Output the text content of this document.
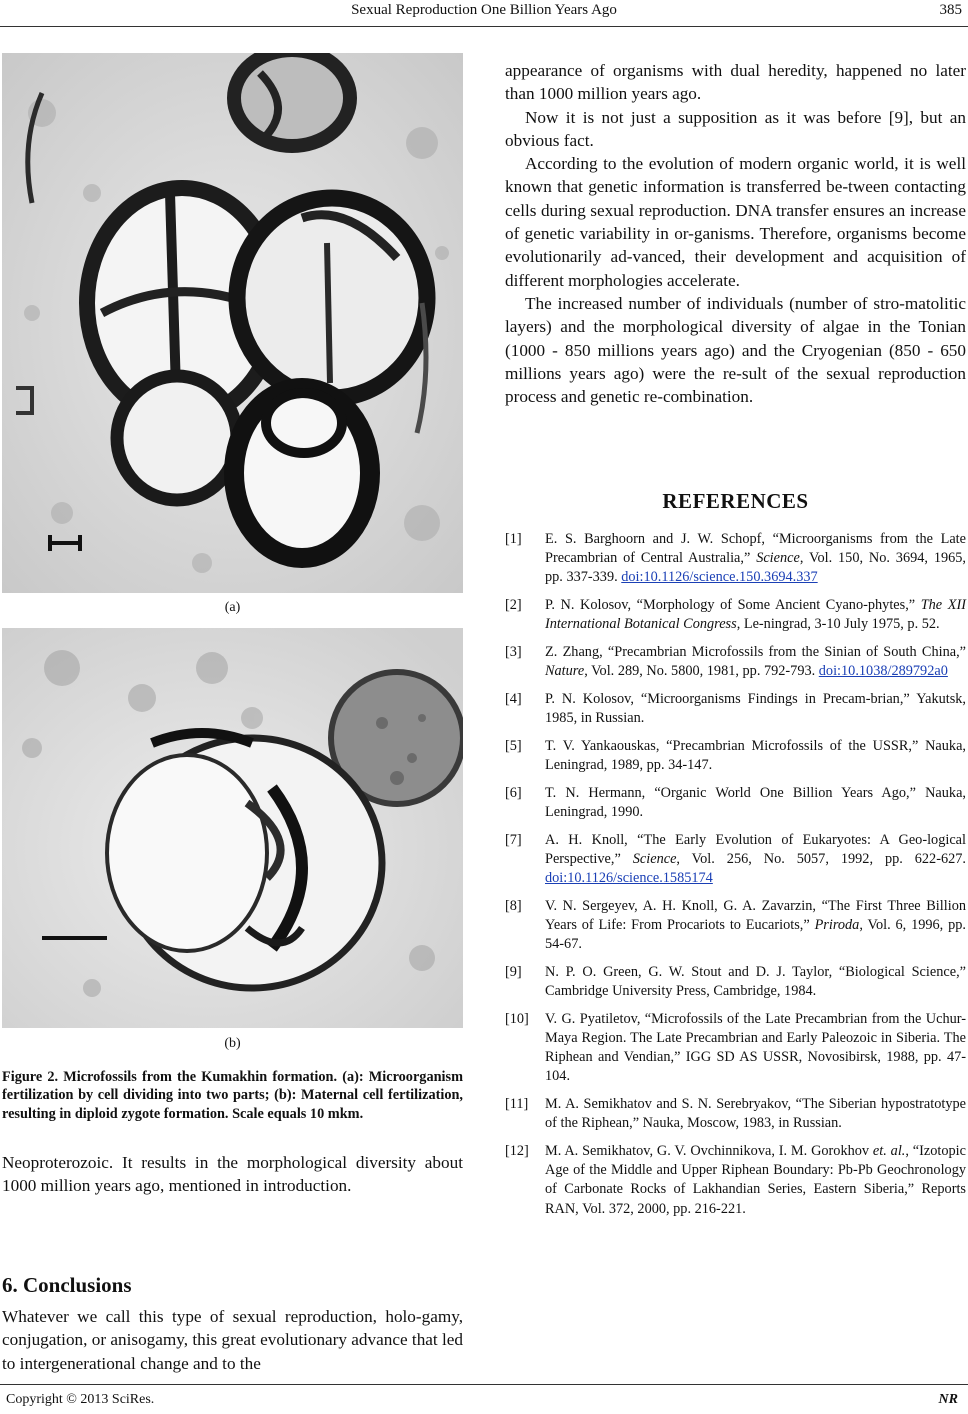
Sexual Reproduction One Billion Years Ago	385
(a)
(b)
Figure 2. Microfossils from the Kumakhin formation. (a): Microorganism fertilization by cell dividing into two parts; (b): Maternal cell fertilization, resulting in diploid zygote formation. Scale equals 10 mkm.

Neoproterozoic. It results in the morphological diversity about 1000 million years ago, mentioned in introduction.

6. Conclusions

Whatever we call this type of sexual reproduction, holo-gamy, conjugation, or anisogamy, this great evolutionary advance that led to intergenerational change and to the

appearance of organisms with dual heredity, happened no later than 1000 million years ago.

Now it is not just a supposition as it was before [9], but an obvious fact.

According to the evolution of modern organic world, it is well known that genetic information is transferred be-tween contacting cells during sexual reproduction. DNA transfer ensures an increase of genetic variability in or-ganisms. Therefore, organisms become evolutionarily ad-vanced, their development and acquisition of different morphologies accelerate.

The increased number of individuals (number of stro-matolitic layers) and the morphological diversity of algae in the Tonian (1000 - 850 millions years ago) and the Cryogenian (850 - 650 millions years ago) were the re-sult of the sexual reproduction process and genetic re-combination.

REFERENCES
[1]	E. S. Barghoorn and J. W. Schopf, “Microorganisms from the Late Precambrian of Central Australia,” Science, Vol. 150, No. 3694, 1965, pp. 337-339. doi:10.1126/science.150.3694.337
[2]	P. N. Kolosov, “Morphology of Some Ancient Cyano-phytes,” The XII International Botanical Congress, Le-ningrad, 3-10 July 1975, p. 52.
[3]	Z. Zhang, “Precambrian Microfossils from the Sinian of South China,” Nature, Vol. 289, No. 5800, 1981, pp. 792-793. doi:10.1038/289792a0
[4]	P. N. Kolosov, “Microorganisms Findings in Precam-brian,” Yakutsk, 1985, in Russian.
[5]	T. V. Yankaouskas, “Precambrian Microfossils of the USSR,” Nauka, Leningrad, 1989, pp. 34-147.
[6]	T. N. Hermann, “Organic World One Billion Years Ago,” Nauka, Leningrad, 1990.
[7]	A. H. Knoll, “The Early Evolution of Eukaryotes: A Geo-logical Perspective,” Science, Vol. 256, No. 5057, 1992, pp. 622-627. doi:10.1126/science.1585174
[8]	V. N. Sergeyev, A. H. Knoll, G. A. Zavarzin, “The First Three Billion Years of Life: From Procariots to Eucariots,” Priroda, Vol. 6, 1996, pp. 54-67.
[9]	N. P. O. Green, G. W. Stout and D. J. Taylor, “Biological Science,” Cambridge University Press, Cambridge, 1984.
[10]	V. G. Pyatiletov, “Microfossils of the Late Precambrian from the Uchur-Maya Region. The Late Precambrian and Early Paleozoic in Siberia. The Riphean and Vendian,” IGG SD AS USSR, Novosibirsk, 1988, pp. 47-104.
[11]	M. A. Semikhatov and S. N. Serebryakov, “The Siberian hypostratotype of the Riphean,” Nauka, Moscow, 1983, in Russian.
[12]	M. A. Semikhatov, G. V. Ovchinnikova, I. M. Gorokhov et. al., “Izotopic Age of the Middle and Upper Riphean Boundary: Pb-Pb Geochronology of Carbonate Rocks of Lakhandian Series, Eastern Siberia,” Reports RAN, Vol. 372, 2000, pp. 216-221.
Copyright © 2013 SciRes.	NR
